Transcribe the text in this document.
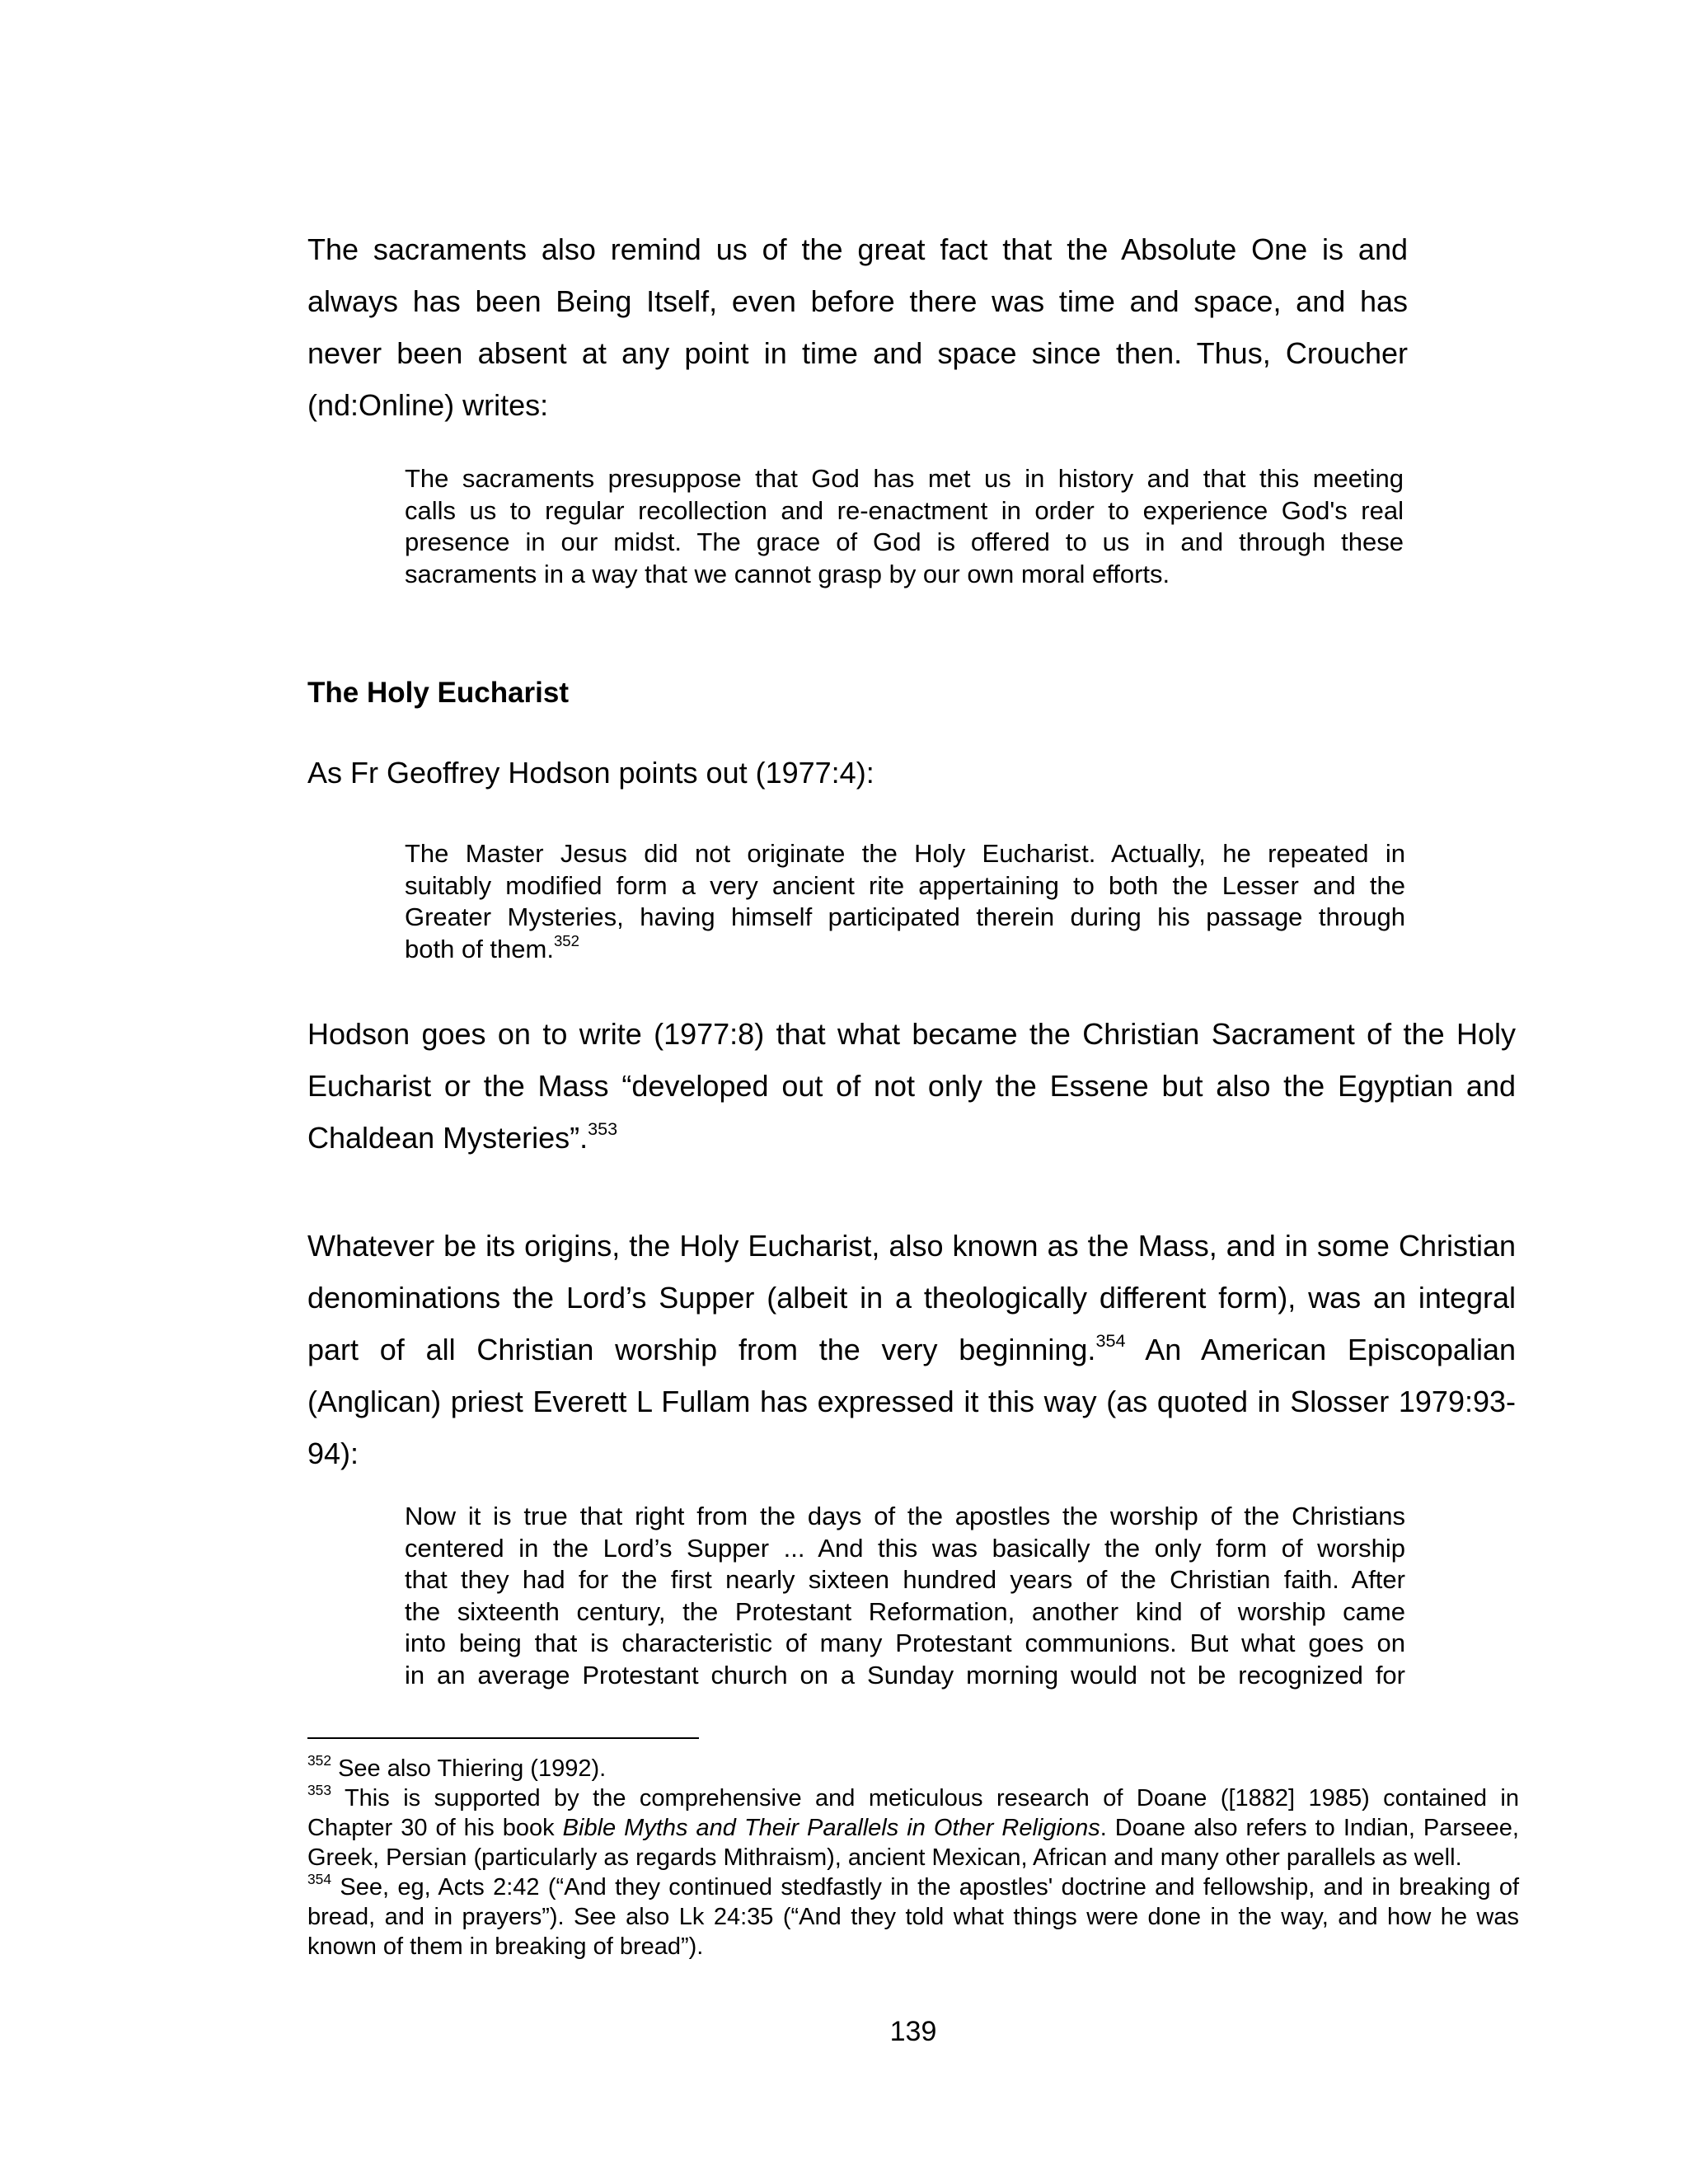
The sacraments also remind us of the great fact that the Absolute One is and
always has been Being Itself, even before there was time and space, and has
never been absent at any point in time and space since then. Thus, Croucher
(nd:Online) writes:
The sacraments presuppose that God has met us in history and that this meeting
calls us to regular recollection and re-enactment in order to experience God's real
presence in our midst. The grace of God is offered to us in and through these
sacraments in a way that we cannot grasp by our own moral efforts.
The Holy Eucharist
As Fr Geoffrey Hodson points out (1977:4):
The Master Jesus did not originate the Holy Eucharist. Actually, he repeated in
suitably modified form a very ancient rite appertaining to both the Lesser and the
Greater Mysteries, having himself participated therein during his passage through
both of them.$^{352}$
Hodson goes on to write (1977:8) that what became the Christian Sacrament of the Holy
Eucharist or the Mass “developed out of not only the Essene but also the Egyptian and
Chaldean Mysteries”.$^{353}$
Whatever be its origins, the Holy Eucharist, also known as the Mass, and in some Christian
denominations the Lord’s Supper (albeit in a theologically different form), was an integral
part of all Christian worship from the very beginning.$^{354}$ An American Episcopalian
(Anglican) priest Everett L Fullam has expressed it this way (as quoted in Slosser 1979:93-
94):
Now it is true that right from the days of the apostles the worship of the Christians
centered in the Lord’s Supper ... And this was basically the only form of worship
that they had for the first nearly sixteen hundred years of the Christian faith. After
the sixteenth century, the Protestant Reformation, another kind of worship came
into being that is characteristic of many Protestant communions. But what goes on
in an average Protestant church on a Sunday morning would not be recognized for
$^{352}$ See also Thiering (1992).
$^{353}$ This is supported by the comprehensive and meticulous research of Doane ([1882] 1985) contained in
Chapter 30 of his book Bible Myths and Their Parallels in Other Religions. Doane also refers to Indian, Parseee,
Greek, Persian (particularly as regards Mithraism), ancient Mexican, African and many other parallels as well.
$^{354}$ See, eg, Acts 2:42 (“And they continued stedfastly in the apostles' doctrine and fellowship, and in breaking of
bread, and in prayers”). See also Lk 24:35 (“And they told what things were done in the way, and how he was
known of them in breaking of bread”).
139
